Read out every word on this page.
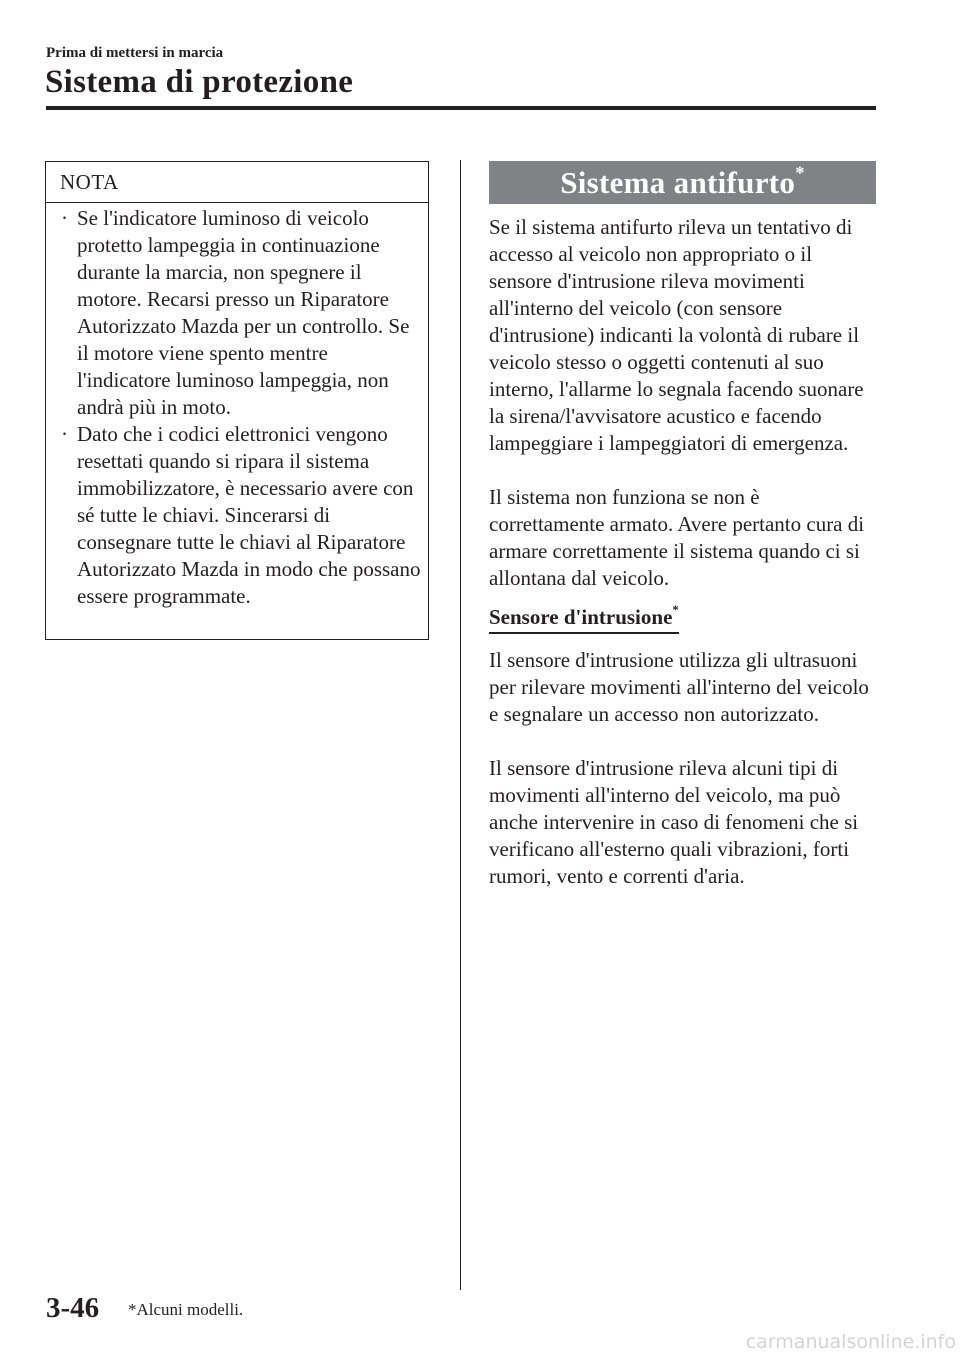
Prima di mettersi in marcia
Sistema di protezione
NOTA
· Se l'indicatore luminoso di veicolo protetto lampeggia in continuazione durante la marcia, non spegnere il motore. Recarsi presso un Riparatore Autorizzato Mazda per un controllo. Se il motore viene spento mentre l'indicatore luminoso lampeggia, non andrà più in moto.
· Dato che i codici elettronici vengono resettati quando si ripara il sistema immobilizzatore, è necessario avere con sé tutte le chiavi. Sincerarsi di consegnare tutte le chiavi al Riparatore Autorizzato Mazda in modo che possano essere programmate.
Sistema antifurto*

Se il sistema antifurto rileva un tentativo di accesso al veicolo non appropriato o il sensore d'intrusione rileva movimenti all'interno del veicolo (con sensore d'intrusione) indicanti la volontà di rubare il veicolo stesso o oggetti contenuti al suo interno, l'allarme lo segnala facendo suonare la sirena/l'avvisatore acustico e facendo lampeggiare i lampeggiatori di emergenza.

Il sistema non funziona se non è correttamente armato. Avere pertanto cura di armare correttamente il sistema quando ci si allontana dal veicolo.

Sensore d'intrusione*

Il sensore d'intrusione utilizza gli ultrasuoni per rilevare movimenti all'interno del veicolo e segnalare un accesso non autorizzato.

Il sensore d'intrusione rileva alcuni tipi di movimenti all'interno del veicolo, ma può anche intervenire in caso di fenomeni che si verificano all'esterno quali vibrazioni, forti rumori, vento e correnti d'aria.

3-46 *Alcuni modelli.
carmanualsonline.info
